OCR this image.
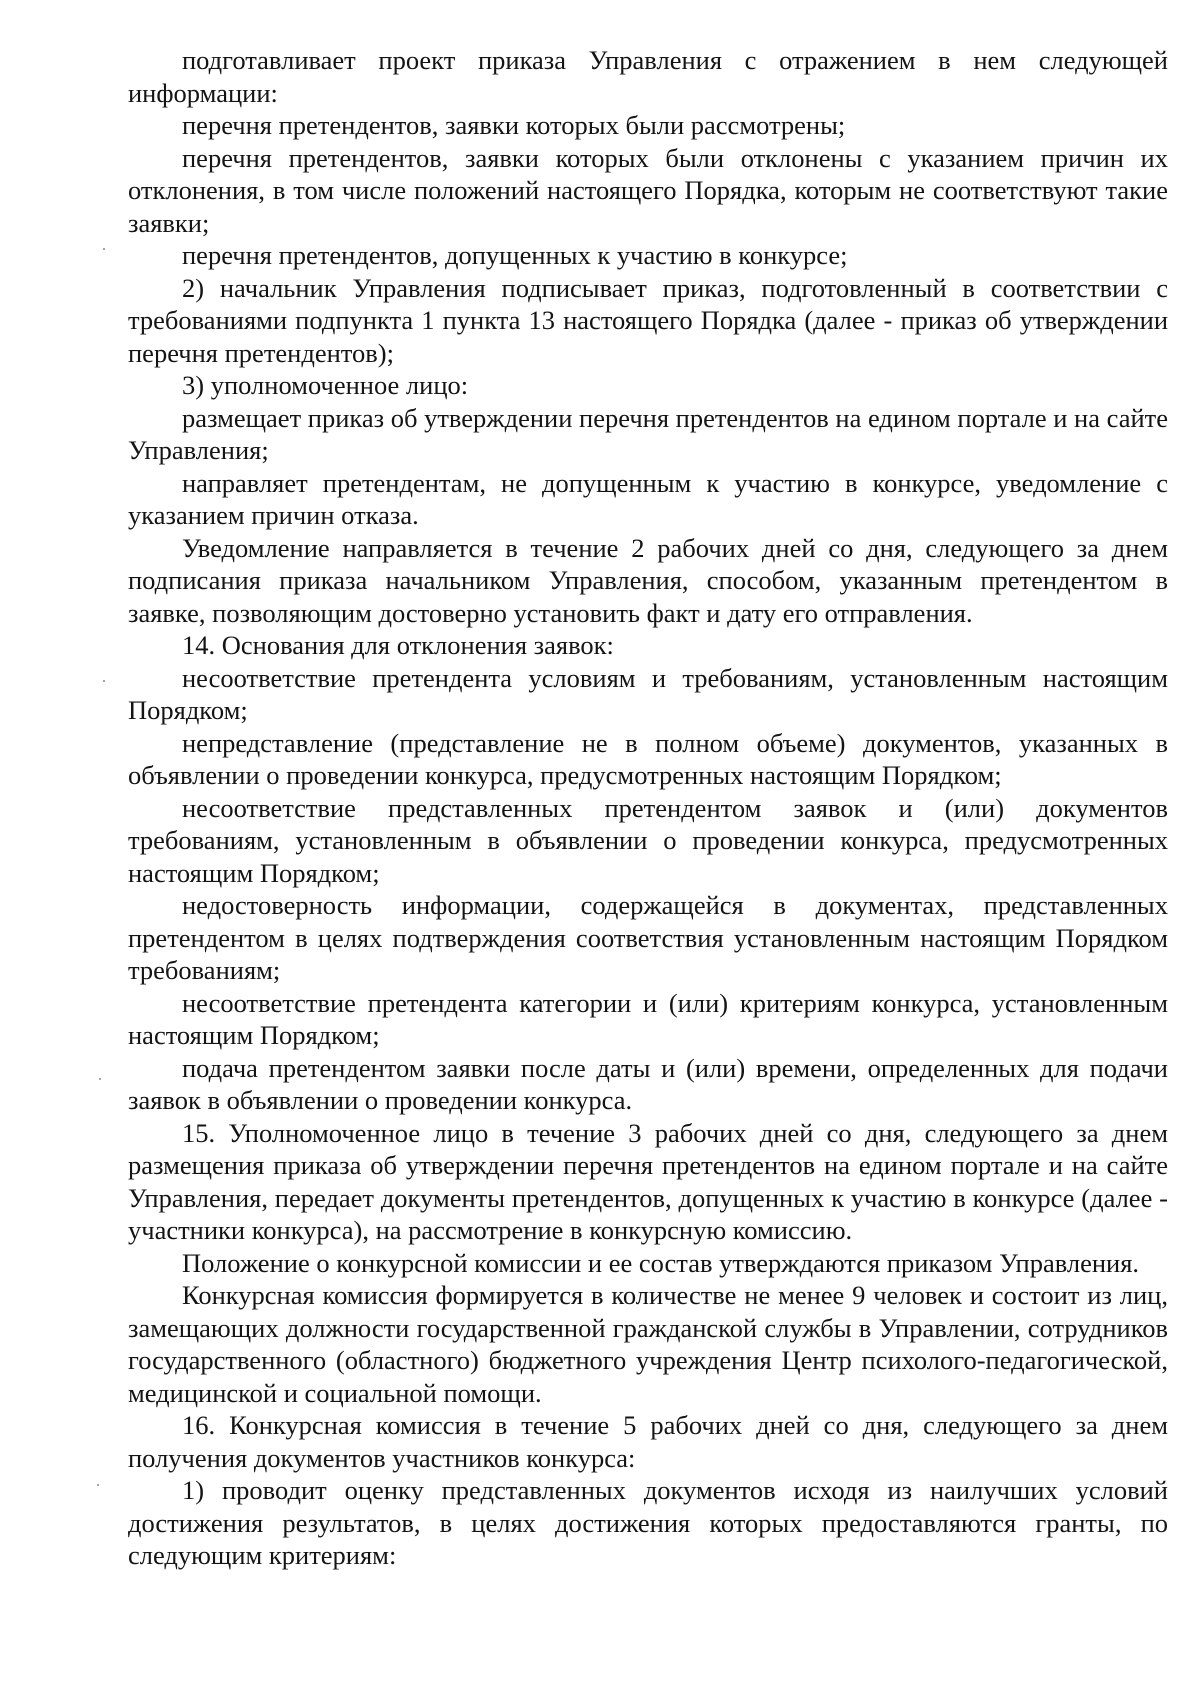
подготавливает проект приказа Управления с отражением в нем следующей информации:

перечня претендентов, заявки которых были рассмотрены;

перечня претендентов, заявки которых были отклонены с указанием причин их отклонения, в том числе положений настоящего Порядка, которым не соответствуют такие заявки;

перечня претендентов, допущенных к участию в конкурсе;

2) начальник Управления подписывает приказ, подготовленный в соответствии с требованиями подпункта 1 пункта 13 настоящего Порядка (далее - приказ об утверждении перечня претендентов);

3) уполномоченное лицо:

размещает приказ об утверждении перечня претендентов на едином портале и на сайте Управления;

направляет претендентам, не допущенным к участию в конкурсе, уведомление с указанием причин отказа.

Уведомление направляется в течение 2 рабочих дней со дня, следующего за днем подписания приказа начальником Управления, способом, указанным претендентом в заявке, позволяющим достоверно установить факт и дату его отправления.

14. Основания для отклонения заявок:

несоответствие претендента условиям и требованиям, установленным настоящим Порядком;

непредставление (представление не в полном объеме) документов, указанных в объявлении о проведении конкурса, предусмотренных настоящим Порядком;

несоответствие представленных претендентом заявок и (или) документов требованиям, установленным в объявлении о проведении конкурса, предусмотренных настоящим Порядком;

недостоверность информации, содержащейся в документах, представленных претендентом в целях подтверждения соответствия установленным настоящим Порядком требованиям;

несоответствие претендента категории и (или) критериям конкурса, установленным настоящим Порядком;

подача претендентом заявки после даты и (или) времени, определенных для подачи заявок в объявлении о проведении конкурса.

15. Уполномоченное лицо в течение 3 рабочих дней со дня, следующего за днем размещения приказа об утверждении перечня претендентов на едином портале и на сайте Управления, передает документы претендентов, допущенных к участию в конкурсе (далее - участники конкурса), на рассмотрение в конкурсную комиссию.

Положение о конкурсной комиссии и ее состав утверждаются приказом Управления.

Конкурсная комиссия формируется в количестве не менее 9 человек и состоит из лиц, замещающих должности государственной гражданской службы в Управлении, сотрудников государственного (областного) бюджетного учреждения Центр психолого-педагогической, медицинской и социальной помощи.

16. Конкурсная комиссия в течение 5 рабочих дней со дня, следующего за днем получения документов участников конкурса:

1) проводит оценку представленных документов исходя из наилучших условий достижения результатов, в целях достижения которых предоставляются гранты, по следующим критериям:
